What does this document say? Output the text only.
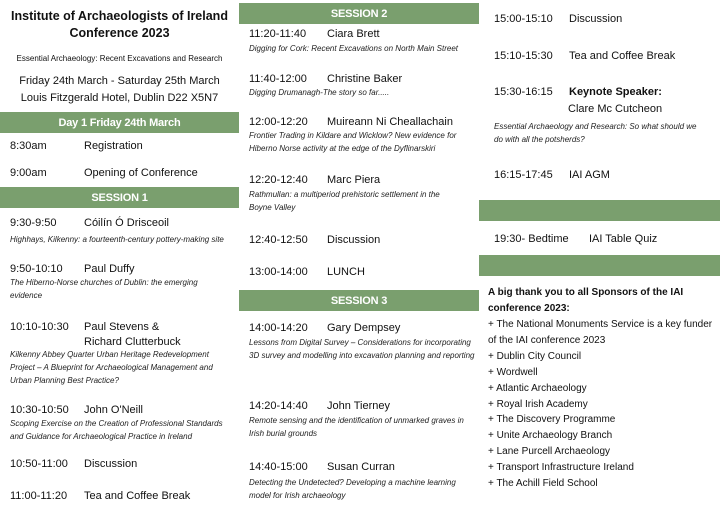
Institute of Archaeologists of Ireland
Conference 2023
Essential Archaeology: Recent Excavations and Research
Friday 24th March - Saturday 25th March
Louis Fitzgerald Hotel, Dublin D22 X5N7
Day 1 Friday 24th March
8:30am	Registration
9:00am	Opening of Conference
SESSION 1
9:30-9:50	Cóilín Ó Drisceoil
Highhays, Kilkenny: a fourteenth-century pottery-making site
9:50-10:10 Paul Duffy
The Hiberno-Norse churches of Dublin: the emerging evidence
10:10-10:30 Paul Stevens &
Richard Clutterbuck
Kilkenny Abbey Quarter Urban Heritage Redevelopment Project – A Blueprint for Archaeological Management and Urban Planning Best Practice?
10:30-10:50 John O'Neill
Scoping Exercise on the Creation of Professional Standards and Guidance for Archaeological Practice in Ireland
10:50-11:00 Discussion
11:00-11:20 Tea and Coffee Break
SESSION 2
11:20-11:40 Ciara Brett
Digging for Cork: Recent Excavations on North Main Street
11:40-12:00 Christine Baker
Digging Drumanagh-The story so far.....
12:00-12:20 Muireann Ni Cheallachain
Frontier Trading in Kildare and Wicklow? New evidence for Hiberno Norse activity at the edge of the Dyflinarskiri
12:20-12:40 Marc Piera
Rathmullan: a multiperiod prehistoric settlement in the Boyne Valley
12:40-12:50 Discussion
13:00-14:00 LUNCH
SESSION 3
14:00-14:20 Gary Dempsey
Lessons from Digital Survey – Considerations for incorporating 3D survey and modelling into excavation planning and reporting
14:20-14:40 John Tierney
Remote sensing and the identification of unmarked graves in Irish burial grounds
14:40-15:00 Susan Curran
Detecting the Undetected? Developing a machine learning model for Irish archaeology
15:00-15:10 Discussion
15:10-15:30 Tea and Coffee Break
15:30-16:15 Keynote Speaker:
Clare Mc Cutcheon
Essential Archaeology and Research: So what should we do with all the potsherds?
16:15-17:45 IAI AGM
19:30- Bedtime IAI Table Quiz
A big thank you to all Sponsors of the IAI conference 2023:
+ The National Monuments Service is a key funder of the IAI conference 2023
+ Dublin City Council
+ Wordwell
+ Atlantic Archaeology
+ Royal Irish Academy
+ The Discovery Programme
+ Unite Archaeology Branch
+ Lane Purcell Archaeology
+ Transport Infrastructure Ireland
+ The Achill Field School
